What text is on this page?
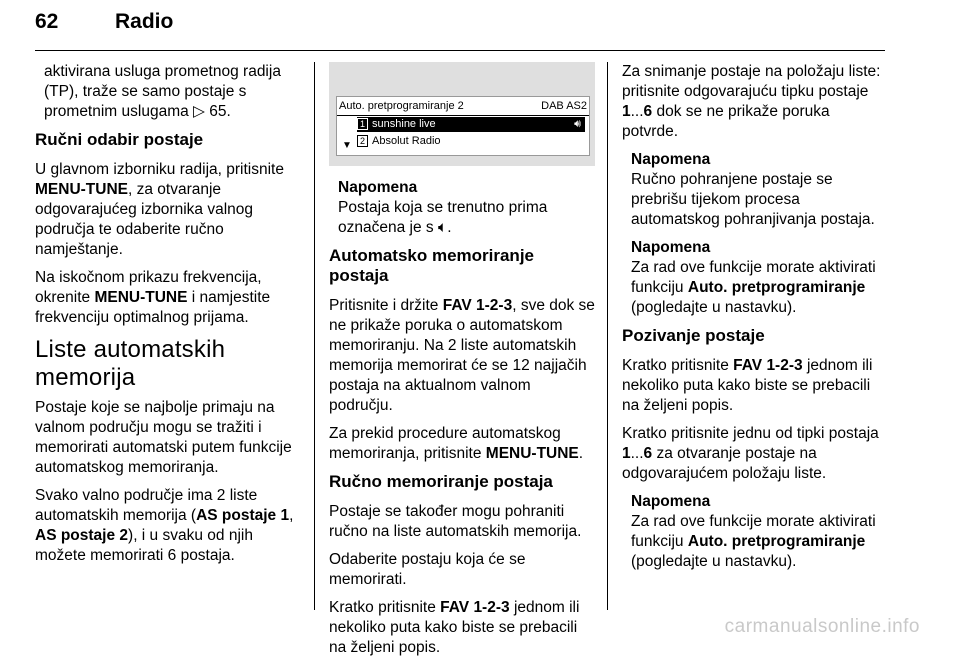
62	Radio

aktivirana usluga prometnog radija (TP), traže se samo postaje s prometnim uslugama ▷ 65.

Ručni odabir postaje

U glavnom izborniku radija, pritisnite MENU-TUNE, za otvaranje odgovarajućeg izbornika valnog područja te odaberite ručno namještanje.

Na iskočnom prikazu frekvencija, okrenite MENU-TUNE i namjestite frekvenciju optimalnog prijama.

Liste automatskih memorija

Postaje koje se najbolje primaju na valnom području mogu se tražiti i memorirati automatski putem funkcije automatskog memoriranja.

Svako valno područje ima 2 liste automatskih memorija (AS postaje 1, AS postaje 2), i u svaku od njih možete memorirati 6 postaja.

Auto. pretprogramiranje 2	DAB AS2
1 sunshine live	🔊︎
▼ 2 Absolut Radio
Napomena
Postaja koja se trenutno prima označena je s 🔈︎.
Automatsko memoriranje postaja

Pritisnite i držite FAV 1-2-3, sve dok se ne prikaže poruka o automatskom memoriranju. Na 2 liste automatskih memorija memorirat će se 12 najjačih postaja na aktualnom valnom području.

Za prekid procedure automatskog memoriranja, pritisnite MENU-TUNE.

Ručno memoriranje postaja

Postaje se također mogu pohraniti ručno na liste automatskih memorija.

Odaberite postaju koja će se memorirati.

Kratko pritisnite FAV 1-2-3 jednom ili nekoliko puta kako biste se prebacili na željeni popis.

Za snimanje postaje na položaju liste: pritisnite odgovarajuću tipku postaje 1...6 dok se ne prikaže poruka potvrde.

Napomena
Ručno pohranjene postaje se prebrišu tijekom procesa automatskog pohranjivanja postaja.
Napomena
Za rad ove funkcije morate aktivirati funkciju Auto. pretprogramiranje (pogledajte u nastavku).
Pozivanje postaje

Kratko pritisnite FAV 1-2-3 jednom ili nekoliko puta kako biste se prebacili na željeni popis.

Kratko pritisnite jednu od tipki postaja 1...6 za otvaranje postaje na odgovarajućem položaju liste.

Napomena
Za rad ove funkcije morate aktivirati funkciju Auto. pretprogramiranje (pogledajte u nastavku).
carmanualsonline.info
